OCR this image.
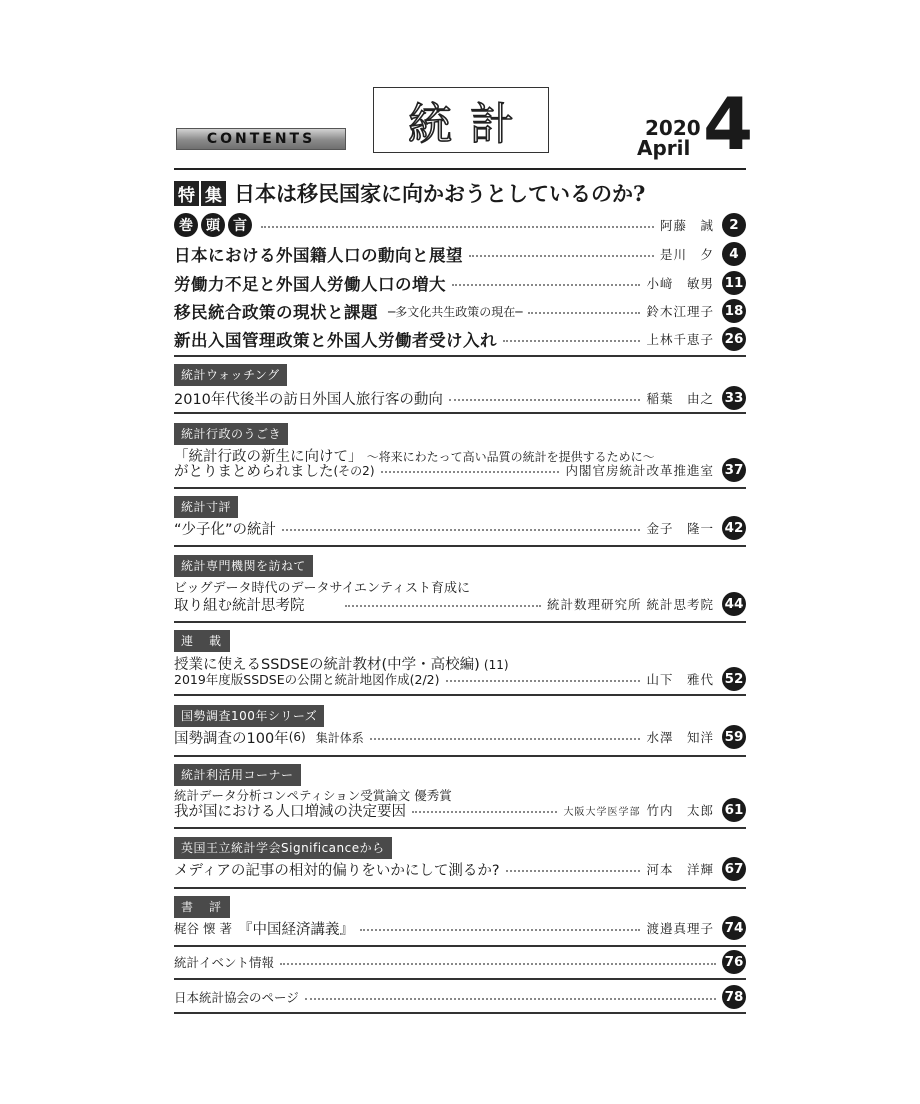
CONTENTS	統計	2020
April 4
特 集 日本は移民国家に向かおうとしているのか?
巻 頭 言	阿藤　誠	2
日本における外国籍人口の動向と展望	是川　夕	4
労働力不足と外国人労働人口の増大	小﨑　敏男 11
移民統合政策の現状と課題 ─多文化共生政策の現在─	鈴木江理子 18
新出入国管理政策と外国人労働者受け入れ	上林千恵子 26
統計ウォッチング
2010年代後半の訪日外国人旅行客の動向	稲葉　由之 33
統計行政のうごき
「統計行政の新生に向けて」 〜将来にわたって高い品質の統計を提供するために〜
がとりまとめられました (その2)	内閣官房統計改革推進室 37
統計寸評
“少子化”の統計	金子　隆一 42
統計専門機関を訪ねて
ビッグデータ時代のデータサイエンティスト育成に
取り組む統計思考院	統計数理研究所 統計思考院 44
連　載
授業に使えるSSDSEの統計教材(中学・高校編) (11)
2019年度版SSDSEの公開と統計地図作成(2/2)	山下　雅代 52
国勢調査100年シリーズ
国勢調査の100年 (6) 集計体系	水澤　知洋 59
統計利活用コーナー
統計データ分析コンペティション受賞論文 優秀賞
我が国における人口増減の決定要因	大阪大学医学部 竹内　太郎 61
英国王立統計学会Significanceから
メディアの記事の相対的偏りをいかにして測るか?	河本　洋輝 67
書　評
梶谷 懐 著 『中国経済講義』	渡邉真理子 74
統計イベント情報	76
日本統計協会のページ	78
